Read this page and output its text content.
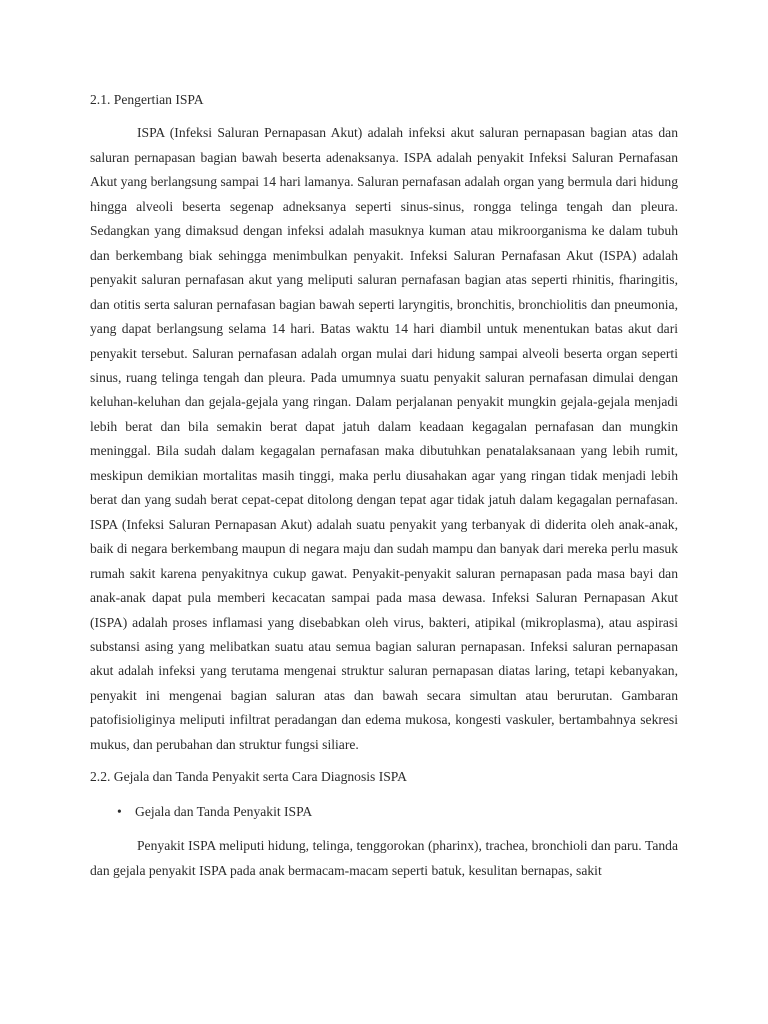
2.1. Pengertian ISPA

ISPA (Infeksi Saluran Pernapasan Akut) adalah infeksi akut saluran pernapasan bagian atas dan saluran pernapasan bagian bawah beserta adenaksanya. ISPA adalah penyakit Infeksi Saluran Pernafasan Akut yang berlangsung sampai 14 hari lamanya. Saluran pernafasan adalah organ yang bermula dari hidung hingga alveoli beserta segenap adneksanya seperti sinus-sinus, rongga telinga tengah dan pleura. Sedangkan yang dimaksud dengan infeksi adalah masuknya kuman atau mikroorganisma ke dalam tubuh dan berkembang biak sehingga menimbulkan penyakit. Infeksi Saluran Pernafasan Akut (ISPA) adalah penyakit saluran pernafasan akut yang meliputi saluran pernafasan bagian atas seperti rhinitis, fharingitis, dan otitis serta saluran pernafasan bagian bawah seperti laryngitis, bronchitis, bronchiolitis dan pneumonia, yang dapat berlangsung selama 14 hari. Batas waktu 14 hari diambil untuk menentukan batas akut dari penyakit tersebut. Saluran pernafasan adalah organ mulai dari hidung sampai alveoli beserta organ seperti sinus, ruang telinga tengah dan pleura. Pada umumnya suatu penyakit saluran pernafasan dimulai dengan keluhan-keluhan dan gejala-gejala yang ringan. Dalam perjalanan penyakit mungkin gejala-gejala menjadi lebih berat dan bila semakin berat dapat jatuh dalam keadaan kegagalan pernafasan dan mungkin meninggal. Bila sudah dalam kegagalan pernafasan maka dibutuhkan penatalaksanaan yang lebih rumit, meskipun demikian mortalitas masih tinggi, maka perlu diusahakan agar yang ringan tidak menjadi lebih berat dan yang sudah berat cepat-cepat ditolong dengan tepat agar tidak jatuh dalam kegagalan pernafasan. ISPA (Infeksi Saluran Pernapasan Akut) adalah suatu penyakit yang terbanyak di diderita oleh anak-anak, baik di negara berkembang maupun di negara maju dan sudah mampu dan banyak dari mereka perlu masuk rumah sakit karena penyakitnya cukup gawat. Penyakit-penyakit saluran pernapasan pada masa bayi dan anak-anak dapat pula memberi kecacatan sampai pada masa dewasa. Infeksi Saluran Pernapasan Akut (ISPA) adalah proses inflamasi yang disebabkan oleh virus, bakteri, atipikal (mikroplasma), atau aspirasi substansi asing yang melibatkan suatu atau semua bagian saluran pernapasan. Infeksi saluran pernapasan akut adalah infeksi yang terutama mengenai struktur saluran pernapasan diatas laring, tetapi kebanyakan, penyakit ini mengenai bagian saluran atas dan bawah secara simultan atau berurutan. Gambaran patofisioliginya meliputi infiltrat peradangan dan edema mukosa, kongesti vaskuler, bertambahnya sekresi mukus, dan perubahan dan struktur fungsi siliare.

2.2. Gejala dan Tanda Penyakit serta Cara Diagnosis ISPA

• Gejala dan Tanda Penyakit ISPA

Penyakit ISPA meliputi hidung, telinga, tenggorokan (pharinx), trachea, bronchioli dan paru. Tanda dan gejala penyakit ISPA pada anak bermacam-macam seperti batuk, kesulitan bernapas, sakit
